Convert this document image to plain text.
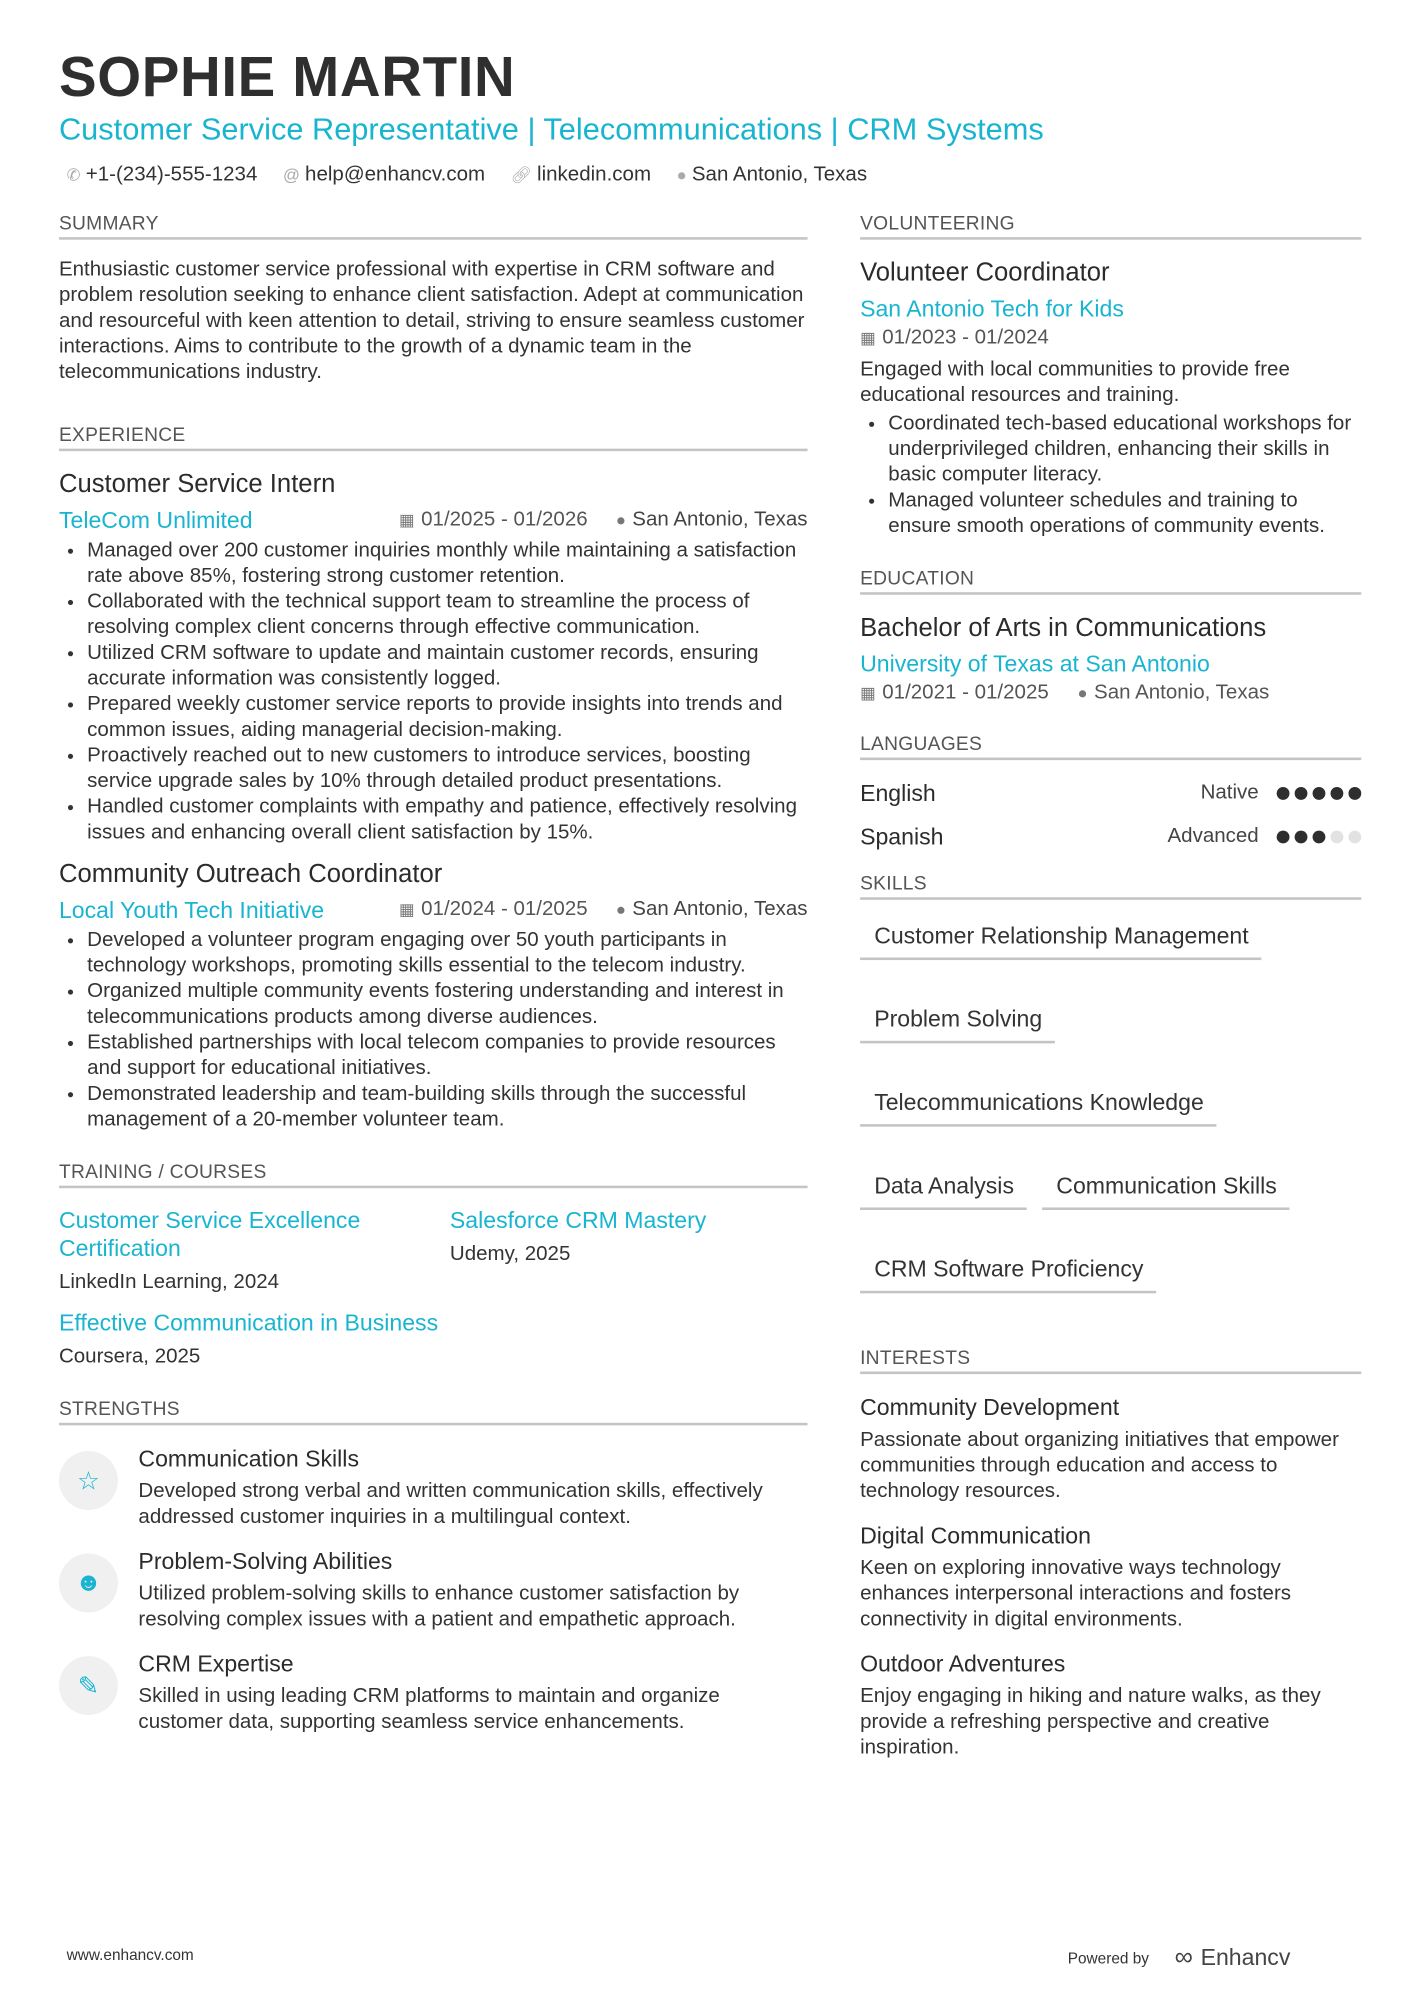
SOPHIE MARTIN
Customer Service Representative | Telecommunications | CRM Systems
✆ +1-(234)-555-1234 @ help@enhancv.com 🔗︎ linkedin.com ● San Antonio, Texas
SUMMARY
Enthusiastic customer service professional with expertise in CRM software and problem resolution seeking to enhance client satisfaction. Adept at communication and resourceful with keen attention to detail, striving to ensure seamless customer interactions. Aims to contribute to the growth of a dynamic team in the telecommunications industry.
EXPERIENCE
Customer Service Intern
TeleCom Unlimited	▦ 01/2025 - 01/2026 ● San Antonio, Texas
• Managed over 200 customer inquiries monthly while maintaining a satisfaction rate above 85%, fostering strong customer retention.
• Collaborated with the technical support team to streamline the process of resolving complex client concerns through effective communication.
• Utilized CRM software to update and maintain customer records, ensuring accurate information was consistently logged.
• Prepared weekly customer service reports to provide insights into trends and common issues, aiding managerial decision-making.
• Proactively reached out to new customers to introduce services, boosting service upgrade sales by 10% through detailed product presentations.
• Handled customer complaints with empathy and patience, effectively resolving issues and enhancing overall client satisfaction by 15%.
Community Outreach Coordinator
Local Youth Tech Initiative	▦ 01/2024 - 01/2025 ● San Antonio, Texas
• Developed a volunteer program engaging over 50 youth participants in technology workshops, promoting skills essential to the telecom industry.
• Organized multiple community events fostering understanding and interest in telecommunications products among diverse audiences.
• Established partnerships with local telecom companies to provide resources and support for educational initiatives.
• Demonstrated leadership and team-building skills through the successful management of a 20-member volunteer team.
TRAINING / COURSES
Customer Service Excellence Certification
LinkedIn Learning, 2024
Salesforce CRM Mastery
Udemy, 2025
Effective Communication in Business
Coursera, 2025
STRENGTHS
☆
Communication Skills
Developed strong verbal and written communication skills, effectively addressed customer inquiries in a multilingual context.
☻
Problem-Solving Abilities
Utilized problem-solving skills to enhance customer satisfaction by resolving complex issues with a patient and empathetic approach.
✎
CRM Expertise
Skilled in using leading CRM platforms to maintain and organize customer data, supporting seamless service enhancements.
VOLUNTEERING
Volunteer Coordinator
San Antonio Tech for Kids
▦ 01/2023 - 01/2024
Engaged with local communities to provide free educational resources and training.
• Coordinated tech-based educational workshops for underprivileged children, enhancing their skills in basic computer literacy.
• Managed volunteer schedules and training to ensure smooth operations of community events.
EDUCATION
Bachelor of Arts in Communications
University of Texas at San Antonio
▦ 01/2021 - 01/2025 ● San Antonio, Texas
LANGUAGES
English	Native
Spanish	Advanced
SKILLS
Customer Relationship Management
Problem Solving
Telecommunications Knowledge
Data Analysis	Communication Skills
CRM Software Proficiency
INTERESTS
Community Development
Passionate about organizing initiatives that empower communities through education and access to technology resources.
Digital Communication
Keen on exploring innovative ways technology enhances interpersonal interactions and fosters connectivity in digital environments.
Outdoor Adventures
Enjoy engaging in hiking and nature walks, as they provide a refreshing perspective and creative inspiration.
www.enhancv.com	Powered by ∞ Enhancv
